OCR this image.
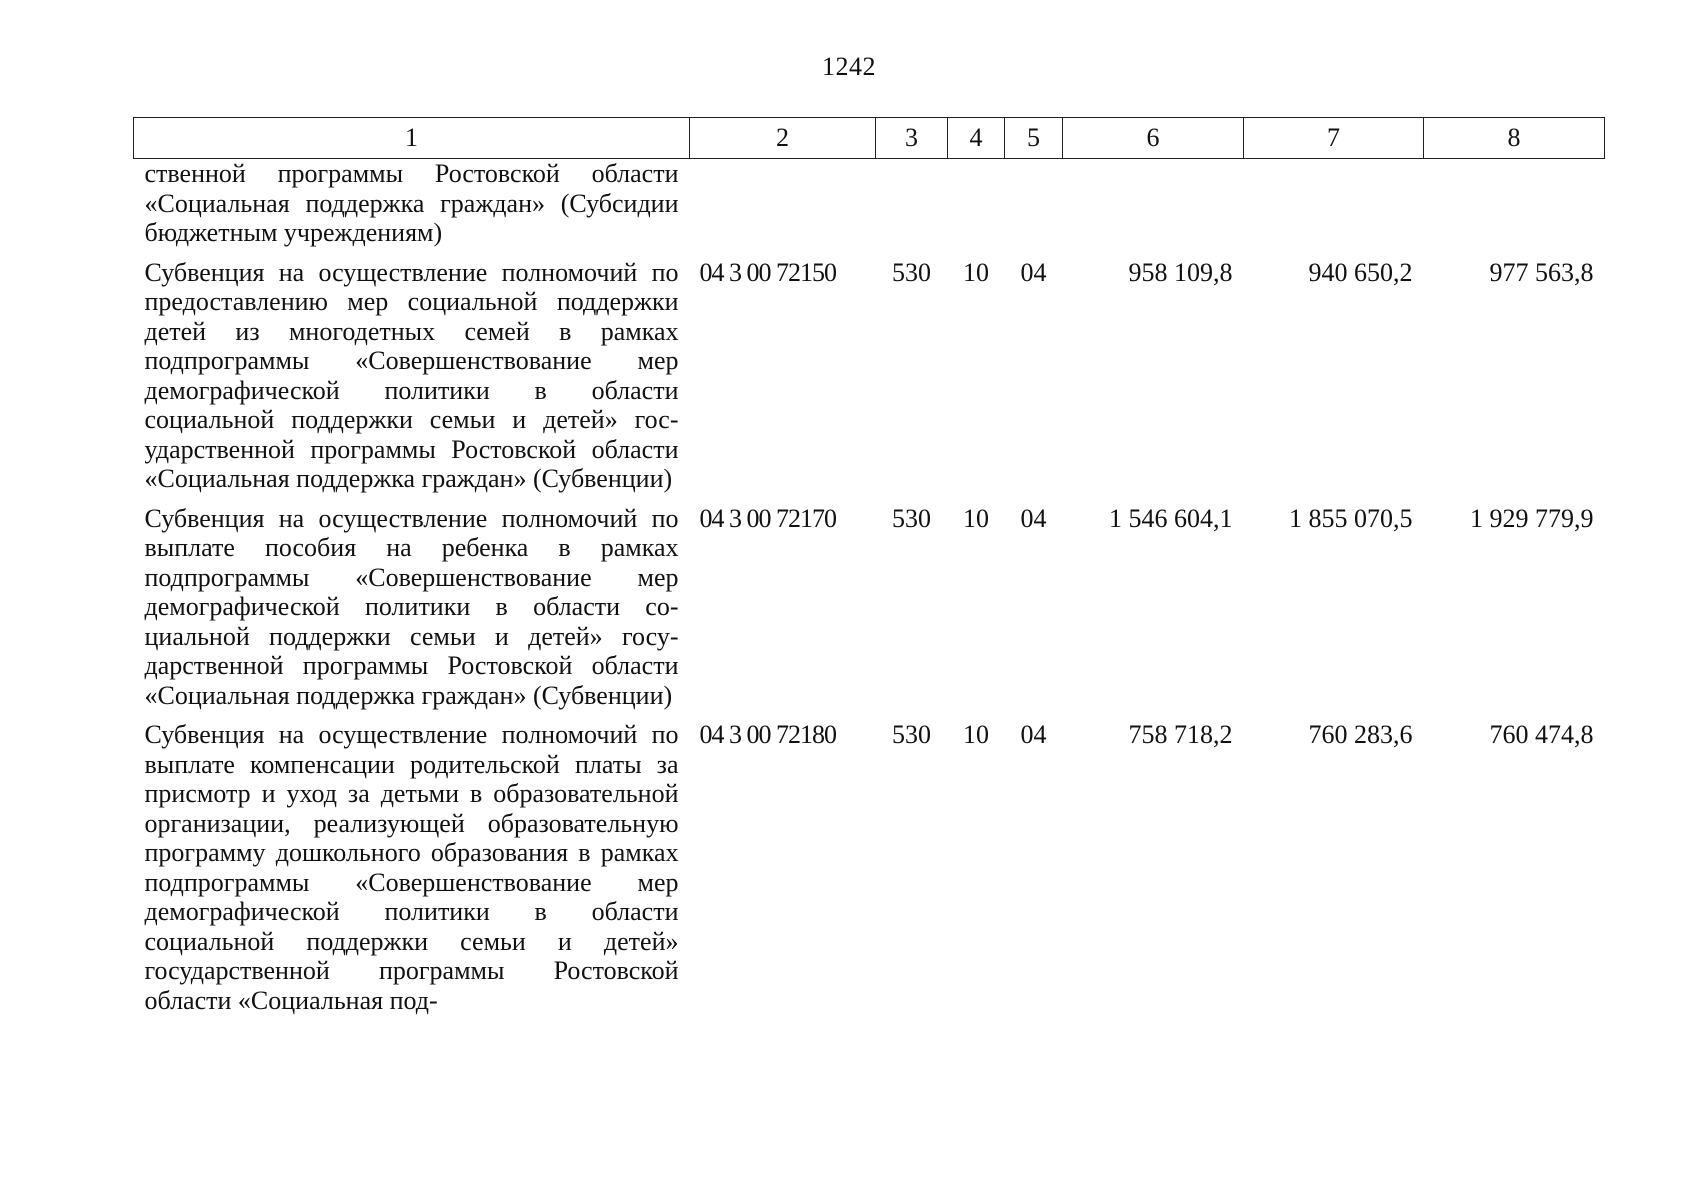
1242
1	2	3	4	5	6	7	8
ственной программы Ростовской области «Социальная поддержка граждан» (Субсидии бюджетным учреждениям)							
Субвенция на осуществление полномочий по предоставлению мер социальной поддержки детей из многодетных семей в рамках подпрограммы «Совершенствование мер демографической политики в области социальной поддержки семьи и детей» государственной программы Ростовской области «Социальная поддержка граждан» (Субвенции)	04 3 00 72150	530	10	04	958 109,8	940 650,2	977 563,8
Субвенция на осуществление полномочий по выплате пособия на ребенка в рамках подпрограммы «Совершенствование мер демографической политики в области социальной поддержки семьи и детей» государственной программы Ростовской области «Социальная поддержка граждан» (Субвенции)	04 3 00 72170	530	10	04	1 546 604,1	1 855 070,5	1 929 779,9
Субвенция на осуществление полномочий по выплате компенсации родительской платы за присмотр и уход за детьми в образовательной организации, реализующей образовательную программу дошкольного образования в рамках подпрограммы «Совершенствование мер демографической политики в области социальной поддержки семьи и детей» государственной программы Ростовской области «Социальная под-	04 3 00 72180	530	10	04	758 718,2	760 283,6	760 474,8
